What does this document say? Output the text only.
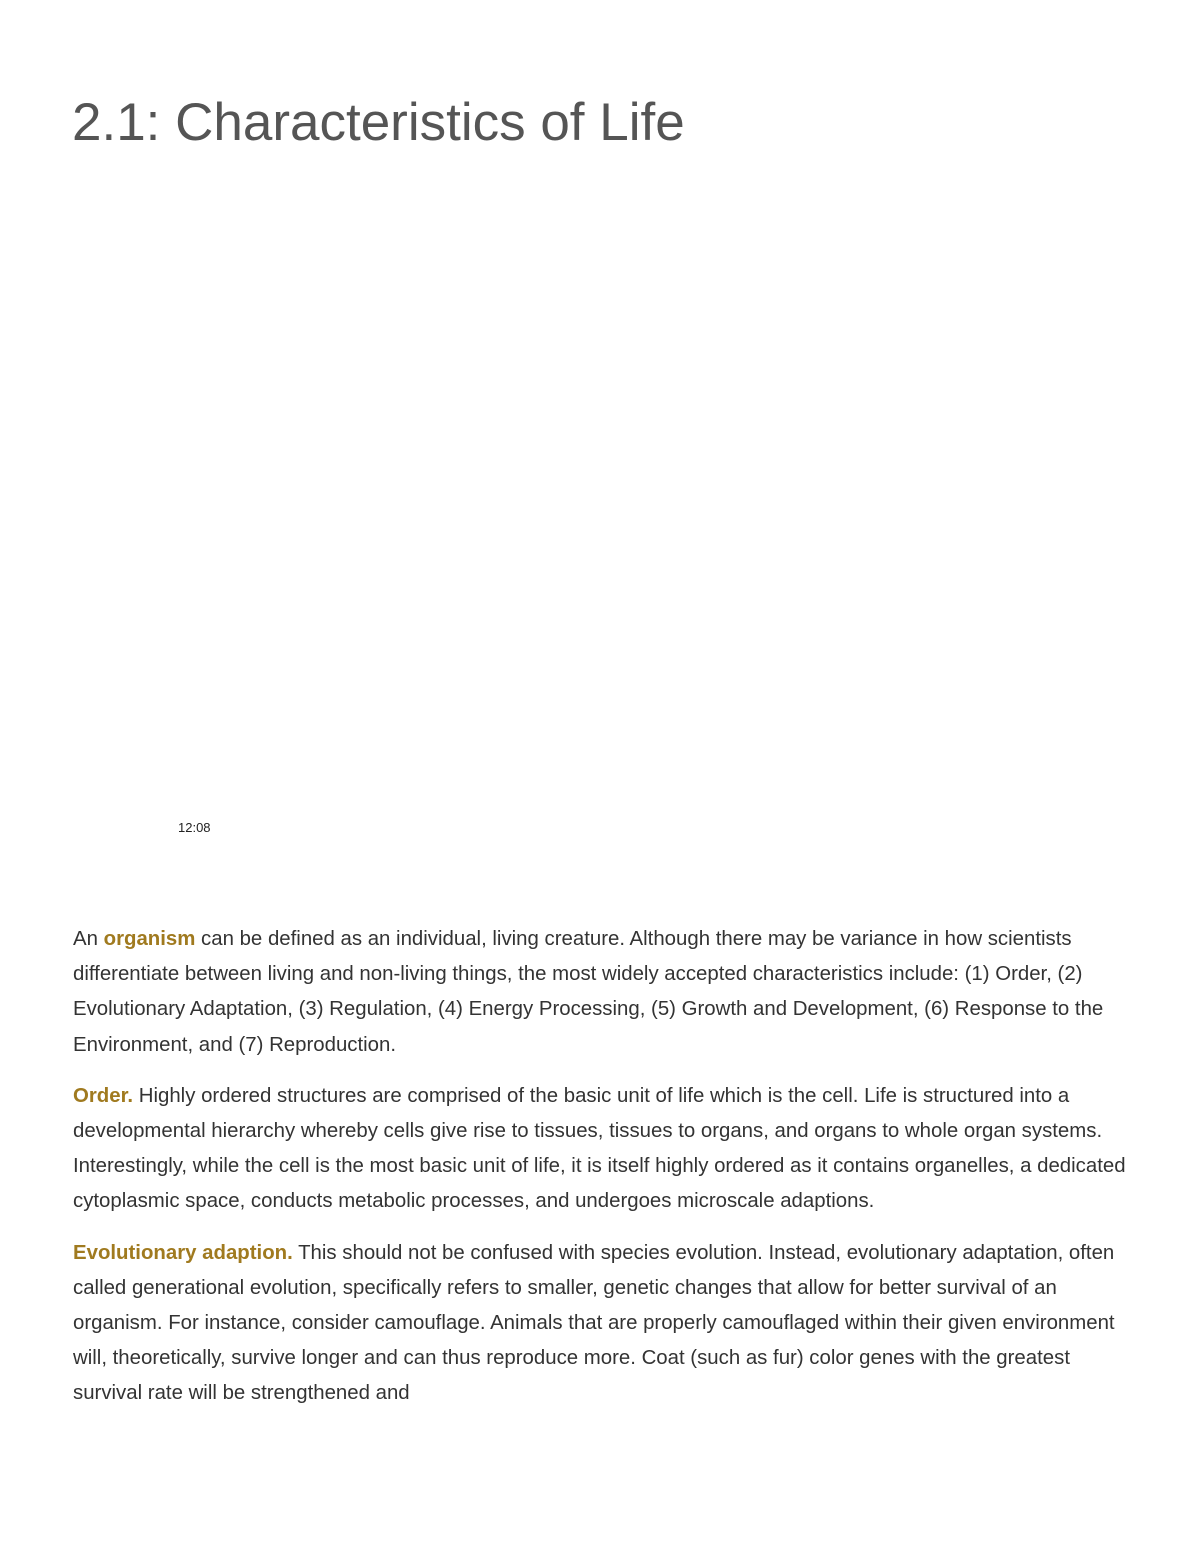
2.1: Characteristics of Life
12:08

An organism can be defined as an individual, living creature. Although there may be variance in how scientists differentiate between living and non-living things, the most widely accepted characteristics include: (1) Order, (2) Evolutionary Adaptation, (3) Regulation, (4) Energy Processing, (5) Growth and Development, (6) Response to the Environment, and (7) Reproduction.

Order. Highly ordered structures are comprised of the basic unit of life which is the cell. Life is structured into a developmental hierarchy whereby cells give rise to tissues, tissues to organs, and organs to whole organ systems. Interestingly, while the cell is the most basic unit of life, it is itself highly ordered as it contains organelles, a dedicated cytoplasmic space, conducts metabolic processes, and undergoes microscale adaptions.

Evolutionary adaption. This should not be confused with species evolution. Instead, evolutionary adaptation, often called generational evolution, specifically refers to smaller, genetic changes that allow for better survival of an organism. For instance, consider camouflage. Animals that are properly camouflaged within their given environment will, theoretically, survive longer and can thus reproduce more. Coat (such as fur) color genes with the greatest survival rate will be strengthened and
